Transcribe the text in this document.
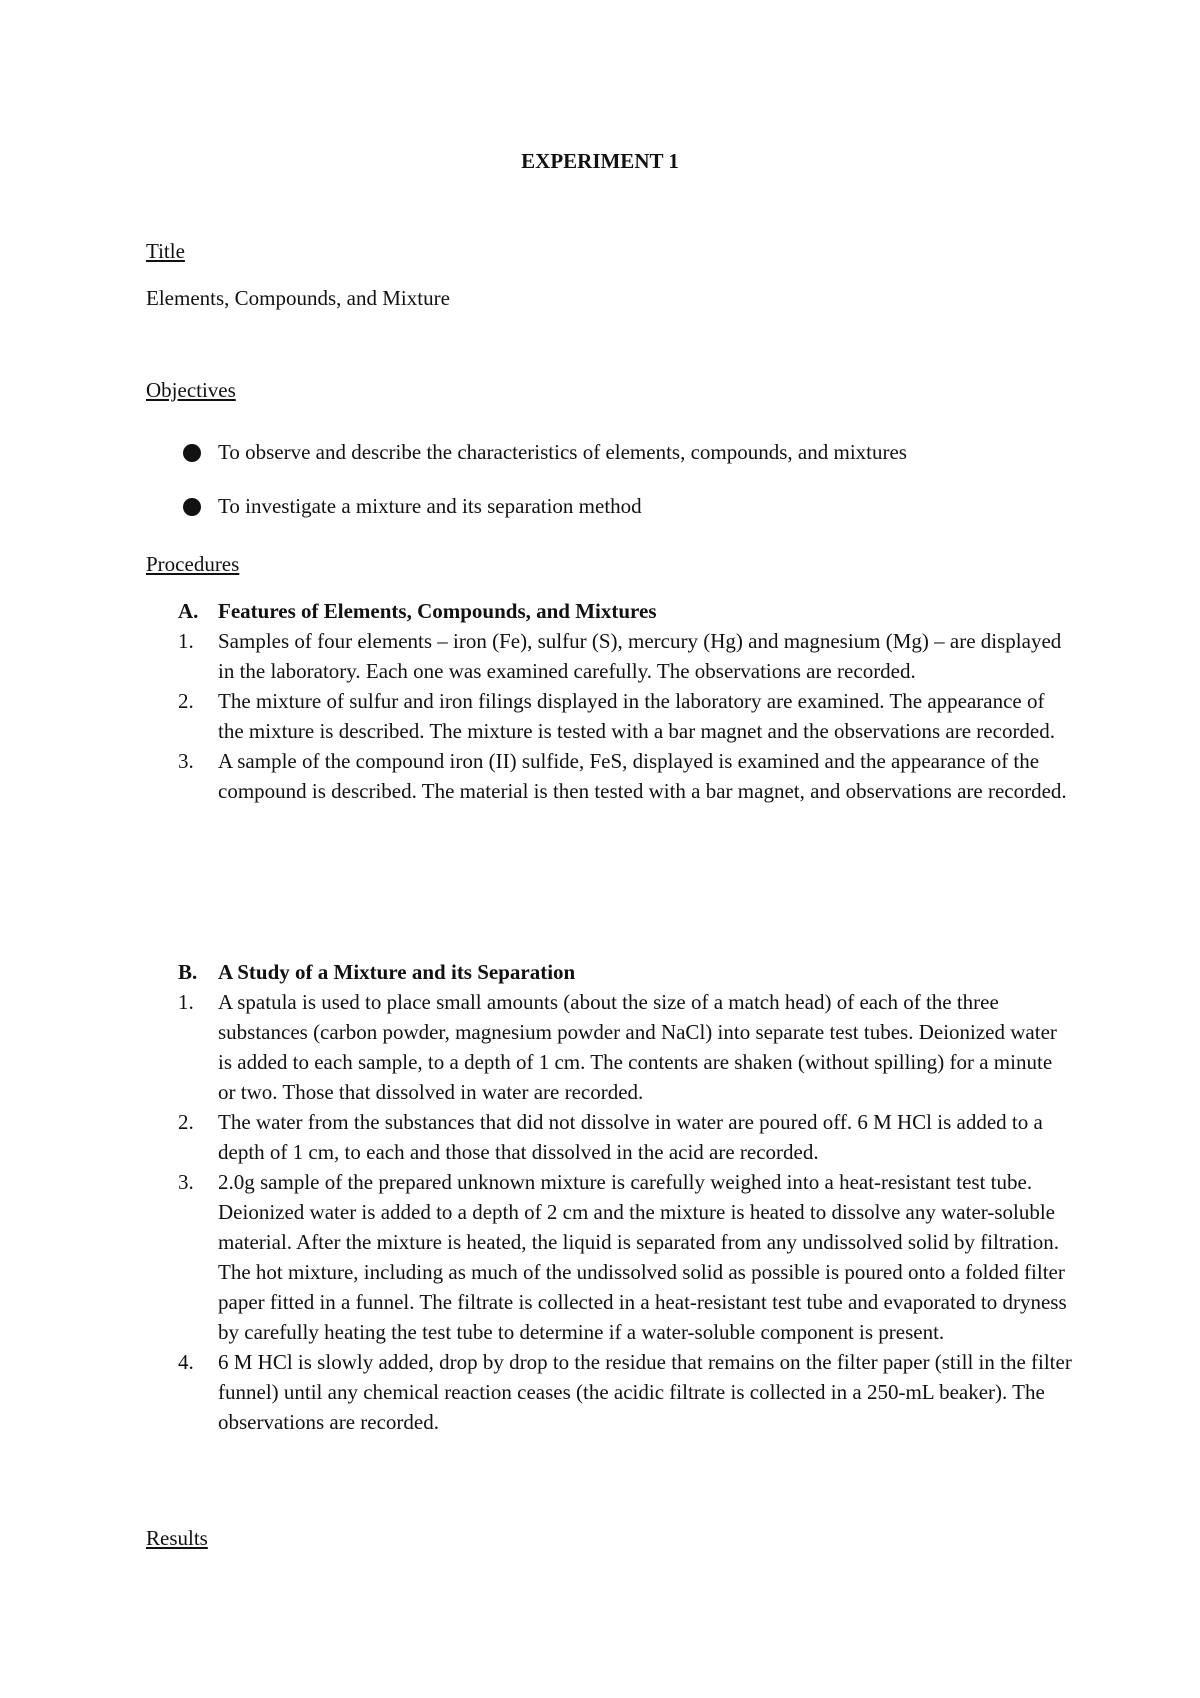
EXPERIMENT 1
Title
Elements, Compounds, and Mixture
Objectives
To observe and describe the characteristics of elements, compounds, and mixtures
To investigate a mixture and its separation method
Procedures
A. Features of Elements, Compounds, and Mixtures
1.	Samples of four elements – iron (Fe), sulfur (S), mercury (Hg) and magnesium (Mg) – are displayed in the laboratory. Each one was examined carefully. The observations are recorded.
2.	The mixture of sulfur and iron filings displayed in the laboratory are examined. The appearance of the mixture is described. The mixture is tested with a bar magnet and the observations are recorded.
3.	A sample of the compound iron (II) sulfide, FeS, displayed is examined and the appearance of the compound is described. The material is then tested with a bar magnet, and observations are recorded.
B. A Study of a Mixture and its Separation
1.	A spatula is used to place small amounts (about the size of a match head) of each of the three substances (carbon powder, magnesium powder and NaCl) into separate test tubes. Deionized water is added to each sample, to a depth of 1 cm. The contents are shaken (without spilling) for a minute or two. Those that dissolved in water are recorded.
2.	The water from the substances that did not dissolve in water are poured off. 6 M HCl is added to a depth of 1 cm, to each and those that dissolved in the acid are recorded.
3.	2.0g sample of the prepared unknown mixture is carefully weighed into a heat-resistant test tube. Deionized water is added to a depth of 2 cm and the mixture is heated to dissolve any water-soluble material. After the mixture is heated, the liquid is separated from any undissolved solid by filtration. The hot mixture, including as much of the undissolved solid as possible is poured onto a folded filter paper fitted in a funnel. The filtrate is collected in a heat-resistant test tube and evaporated to dryness by carefully heating the test tube to determine if a water-soluble component is present.
4.	6 M HCl is slowly added, drop by drop to the residue that remains on the filter paper (still in the filter funnel) until any chemical reaction ceases (the acidic filtrate is collected in a 250-mL beaker). The observations are recorded.
Results
